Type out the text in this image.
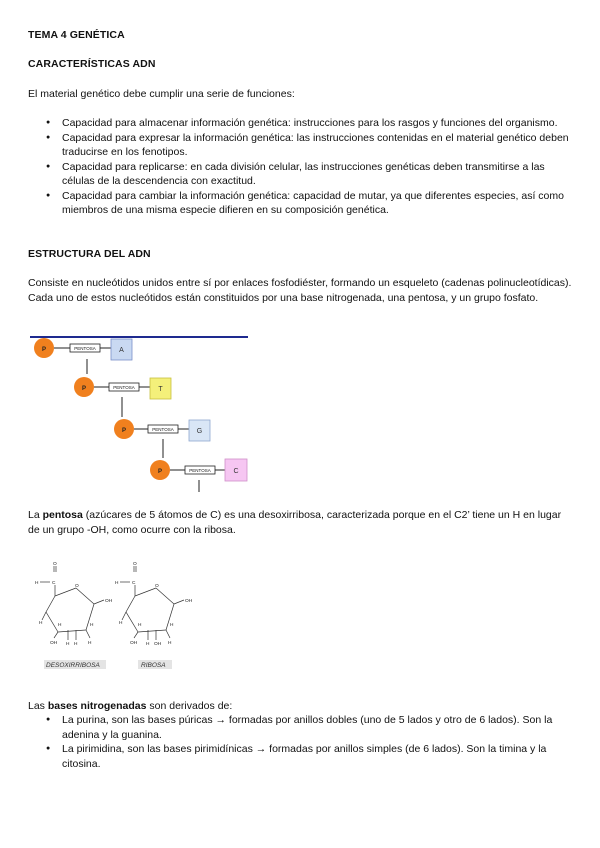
TEMA 4 GENÉTICA
CARACTERÍSTICAS ADN
El material genético debe cumplir una serie de funciones:
● Capacidad para almacenar información genética: instrucciones para los rasgos y funciones del organismo.
● Capacidad para expresar la información genética: las instrucciones contenidas en el material genético deben traducirse en los fenotipos.
● Capacidad para replicarse: en cada división celular, las instrucciones genéticas deben transmitirse a las células de la descendencia con exactitud.
● Capacidad para cambiar la información genética: capacidad de mutar, ya que diferentes especies, así como miembros de una misma especie difieren en su composición genética.
ESTRUCTURA DEL ADN
Consiste en nucleótidos unidos entre sí por enlaces fosfodiéster, formando un esqueleto (cadenas polinucleotídicas). Cada uno de estos nucleótidos están constituidos por una base nitrogenada, una pentosa, y un grupo fosfato.
P	PENTOSA	A
P	PENTOSA	T
P	PENTOSA	G
P	PENTOSA	C
La pentosa (azúcares de 5 átomos de C) es una desoxirribosa, caracterizada porque en el C2’ tiene un H en lugar de un grupo -OH, como ocurre con la ribosa.
O
H	C
O
OH
H	H	H
OH H H H
O
H	C
O
OH
H	H	H
OH H OH H
DESOXIRRIBOSA	RIBOSA
Las bases nitrogenadas son derivados de:
● La purina, son las bases púricas → formadas por anillos dobles (uno de 5 lados y otro de 6 lados). Son la adenina y la guanina.
● La pirimidina, son las bases pirimidínicas → formadas por anillos simples (de 6 lados). Son la timina y la citosina.
